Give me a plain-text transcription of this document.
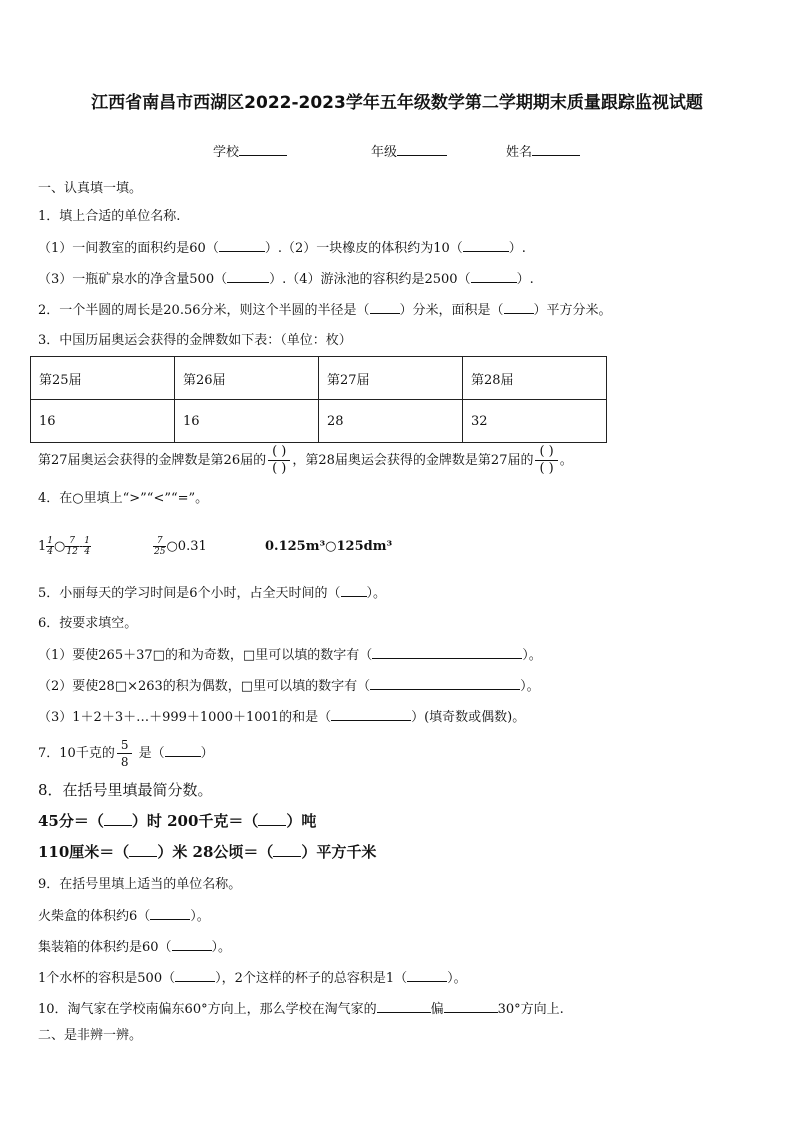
江西省南昌市西湖区2022-2023学年五年级数学第二学期期末质量跟踪监视试题
学校	年级	姓名
一、认真填一填。
1．填上合适的单位名称.
（1）一间教室的面积约是60（	）.（2）一块橡皮的体积约为10（	）.
（3）一瓶矿泉水的净含量500（	）.（4）游泳池的容积约是2500（	）.
2．一个半圆的周长是20.56分米，则这个半圆的半径是（ ）分米，面积是（ ）平方分米。
3．中国历届奥运会获得的金牌数如下表：（单位：枚）
第25届	第26届	第27届	第28届
16	16	28	32
第27届奥运会获得的金牌数是第26届的 $\frac{( )}{( )}$ ，第28届奥运会获得的金牌数是第27届的 $\frac{( )}{( )}$ 。
4．在○里填上“>”“<”“=”。
$1 \frac{1}{4}$ ○ $\frac{7}{12} - \frac{1}{4}$	$\frac{7}{25}$ ○0.31	0.125m³○125dm³
5．小丽每天的学习时间是6个小时，占全天时间的（ ）。
6．按要求填空。
（1）要使265＋37□的和为奇数，□里可以填的数字有（	）。
（2）要使28□×263的积为偶数，□里可以填的数字有（	）。
（3）1＋2＋3＋…＋999＋1000＋1001的和是（	）(填奇数或偶数)。
7．10千克的 $\frac{5}{8}$ 是（	）
8．在括号里填最简分数。
45分＝（ ）时 200千克＝（ ）吨
110厘米＝（ ）米 28公顷＝（ ）平方千米
9．在括号里填上适当的单位名称。
火柴盒的体积约6（	）。
集装箱的体积约是60（	）。
1个水杯的容积是500（	），2个这样的杯子的总容积是1（	）。
10．淘气家在学校南偏东60°方向上，那么学校在淘气家的	偏	30°方向上.
二、是非辨一辨。
